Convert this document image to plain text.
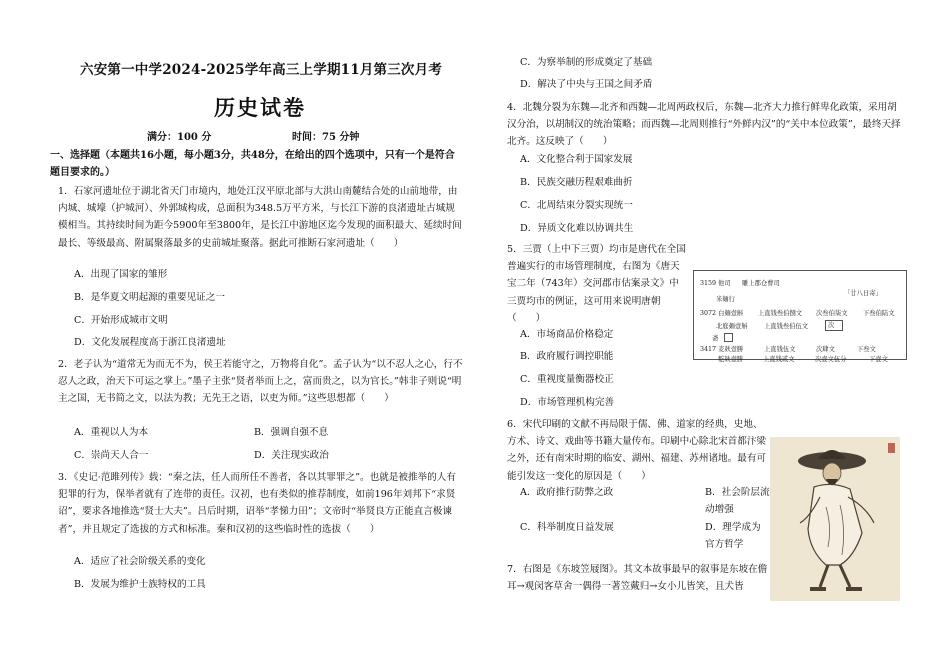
六安第一中学2024-2025学年高三上学期11月第三次月考
历史试卷
满分：100 分	时间：75 分钟
一、选择题（本题共16小题，每小题3分，共48分，在给出的四个选项中，只有一个是符合题目要求的。）
1．石家河遗址位于湖北省天门市境内，地处江汉平原北部与大洪山南麓结合处的山前地带，由内城、城壕（护城河）、外郭城构成，总面积为348.5万平方米，与长江下游的良渚遗址古城规模相当。其持续时间为距今5900年至3800年，是长江中游地区迄今发现的面积最大、延续时间最长、等级最高、附属聚落最多的史前城址聚落。据此可推断石家河遗址（　　）
A．出现了国家的雏形
B．是华夏文明起源的重要见证之一
C．开始形成城市文明
D．文化发展程度高于浙江良渚遗址
2．老子认为“道常无为而无不为，侯王若能守之，万物将自化”。孟子认为“以不忍人之心，行不忍人之政，治天下可运之掌上。”墨子主张“贤者举而上之，富而贵之，以为官长。”韩非子则说“明主之国，无书简之文，以法为教；无先王之语，以吏为师。”这些思想都（　　）
A．重视以人为本	B．强调自强不息
C．崇尚天人合一	D．关注现实政治
3．《史记·范雎列传》载：“秦之法，任人而所任不善者，各以其罪罪之”。也就是被推举的人有犯罪的行为，保举者就有了连带的责任。汉初，也有类似的推荐制度，如前196年刘邦下“求贤诏”，要求各地推选“贤士大夫”。吕后时期，诏举“孝悌力田”；文帝时“举贤良方正能直言极谏者”，并且规定了选拔的方式和标准。秦和汉初的这些临时性的选拔（　　）
A．适应了社会阶级关系的变化
B．发展为维护士族特权的工具
C．为察举制的形成奠定了基础
D．解决了中央与王国之间矛盾
4．北魏分裂为东魏—北齐和西魏—北周两政权后，东魏—北齐大力推行鲜卑化政策，采用胡汉分治，以胡制汉的统治策略；而西魏—北周则推行“外鲜内汉”的“关中本位政策”，最终天择北齐。这反映了（　　）
A．文化整合利于国家发展
B．民族交融历程艰难曲折
C．北周结束分裂实现统一
D．异质文化难以协调共生
5．三贾（上中下三贾）均市是唐代在全国普遍实行的市场管理制度，右图为《唐天宝二年（743年）交河郡市估案录文》中三贾均市的例证，这可用来说明唐朝（　　）
A．市场商品价格稳定
B．政府履行调控职能
C．重视度量衡器校正
D．市场管理机构完善
3159 他司 雕上郡仓曹司
米麺行
「廿八日寄」
3072 白麺壹斛 上直钱叁伯捌文 次叁伯柒文 下叁伯陆文
北庭麺壹斛	上直钱叁伯伍文	次
斋
3417 麦麸壹勝	上直钱伍文	次肆文	下叁文
麧麸壹勝	上直钱贰文	次壹文伍分	下壹文
6．宋代印刷的文献不再局限于儒、佛、道家的经典，史地、方术、诗文、戏曲等书籍大量传布。印刷中心除北宋首都汴梁之外，还有南宋时期的临安、湖州、福建、苏州诸地。最有可能引发这一变化的原因是（　　）
A．政府推行防弊之政	B．社会阶层流动增强
C．科举制度日益发展	D．理学成为官方哲学
7．右图是《东坡笠屐图》。其文本故事最早的叙事是东坡在儋耳→观闵客草舍一偶得一著笠戴归→女小儿皆笑，且犬皆
